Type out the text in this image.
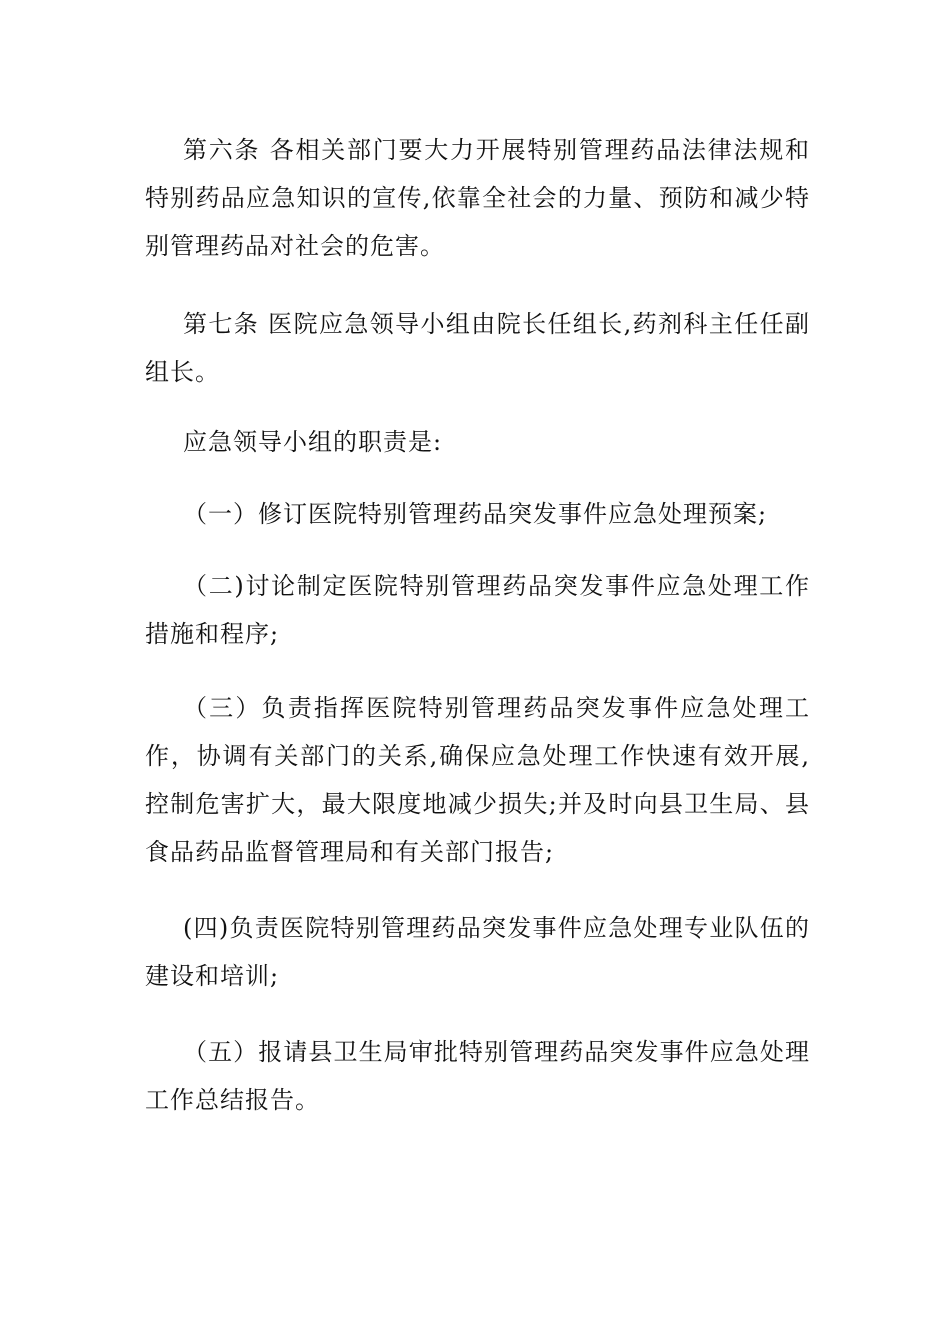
第六条 各相关部门要大力开展特别管理药品法律法规和特别药品应急知识的宣传,依靠全社会的力量、预防和减少特别管理药品对社会的危害。

第七条 医院应急领导小组由院长任组长,药剂科主任任副组长。

应急领导小组的职责是:

（一）修订医院特别管理药品突发事件应急处理预案;

（二)讨论制定医院特别管理药品突发事件应急处理工作措施和程序;

（三）负责指挥医院特别管理药品突发事件应急处理工作，协调有关部门的关系,确保应急处理工作快速有效开展,控制危害扩大，最大限度地减少损失;并及时向县卫生局、县食品药品监督管理局和有关部门报告;

(四)负责医院特别管理药品突发事件应急处理专业队伍的建设和培训;

（五）报请县卫生局审批特别管理药品突发事件应急处理工作总结报告。
